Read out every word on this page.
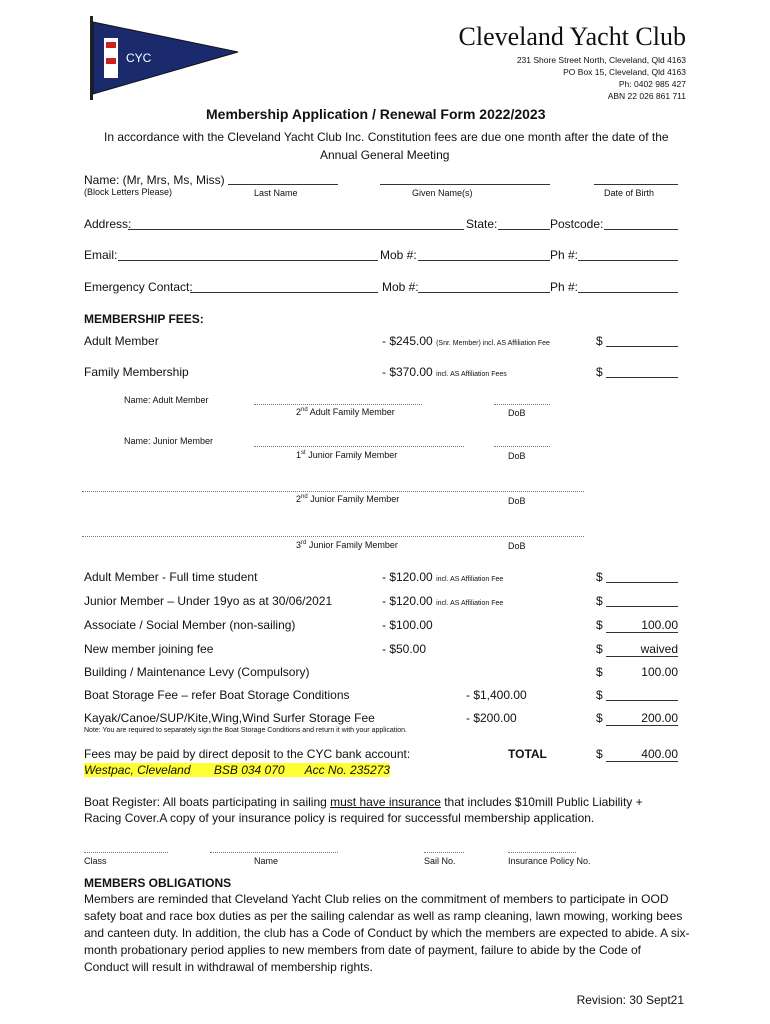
CYC
Cleveland Yacht Club
231 Shore Street North, Cleveland, Qld 4163
PO Box 15, Cleveland, Qld 4163
Ph: 0402 985 427
ABN 22 026 861 711
Membership Application / Renewal Form 2022/2023
In accordance with the Cleveland Yacht Club Inc. Constitution fees are due one month after the date of the
Annual General Meeting
Name: (Mr, Mrs, Ms, Miss)
(Block Letters Please)	Last Name	Given Name(s)	Date of Birth
Address:	State:	Postcode:
Email:	Mob #:	Ph #:
Emergency Contact:	Mob #:	Ph #:
MEMBERSHIP FEES:
Adult Member	- $245.00 (Snr. Member) incl. AS Affiliation Fee	$
Family Membership	- $370.00 incl. AS Affiliation Fees	$
Name: Adult Member
2nd Adult Family Member	DoB
Name: Junior Member
1st Junior Family Member	DoB
2nd Junior Family Member	DoB
3rd Junior Family Member	DoB
Adult Member - Full time student	- $120.00 incl. AS Affiliation Fee	$
Junior Member – Under 19yo as at 30/06/2021	- $120.00 incl. AS Affiliation Fee	$
Associate / Social Member (non-sailing)	- $100.00	$	100.00
New member joining fee	- $50.00	$	waived
Building / Maintenance Levy (Compulsory)	$	100.00
Boat Storage Fee – refer Boat Storage Conditions	- $1,400.00	$
Kayak/Canoe/SUP/Kite,Wing,Wind Surfer Storage Fee	- $200.00	$	200.00
Note: You are required to separately sign the Boat Storage Conditions and return it with your application.
Fees may be paid by direct deposit to the CYC bank account:
Westpac, Cleveland BSB 034 070 Acc No. 235273
TOTAL	$	400.00
Boat Register: All boats participating in sailing must have insurance that includes $10mill Public Liability +
Racing Cover.A copy of your insurance policy is required for successful membership application.
Class	Name	Sail No.	Insurance Policy No.
MEMBERS OBLIGATIONS
Members are reminded that Cleveland Yacht Club relies on the commitment of members to participate in OOD
safety boat and race box duties as per the sailing calendar as well as ramp cleaning, lawn mowing, working bees
and canteen duty. In addition, the club has a Code of Conduct by which the members are expected to abide. A six-
month probationary period applies to new members from date of payment, failure to abide by the Code of
Conduct will result in withdrawal of membership rights.
Revision: 30 Sept21
